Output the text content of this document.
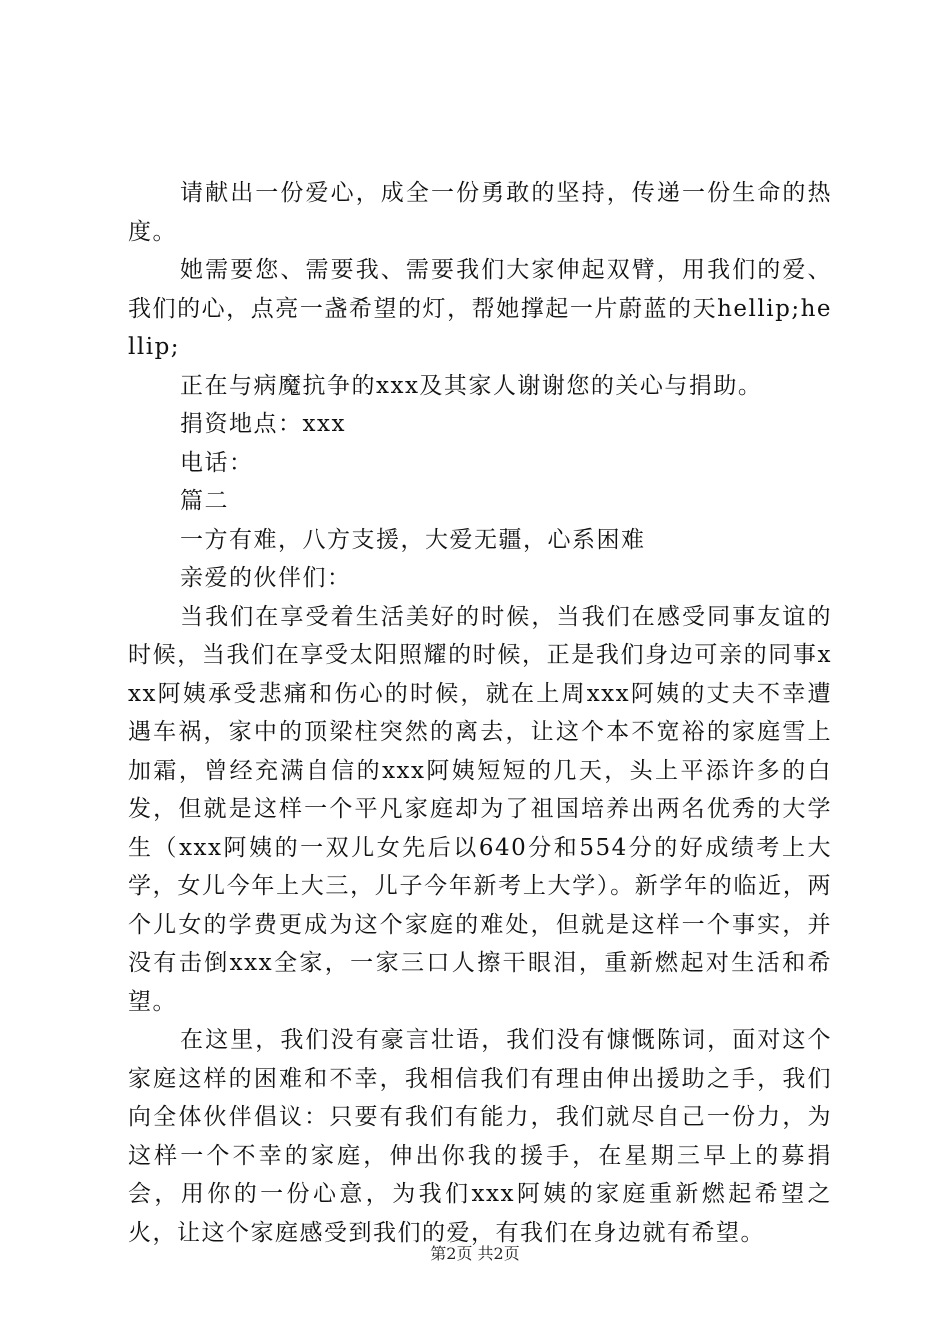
请献出一份爱心，成全一份勇敢的坚持，传递一份生命的热度。

她需要您、需要我、需要我们大家伸起双臂，用我们的爱、我们的心，点亮一盏希望的灯，帮她撑起一片蔚蓝的天hellip;hellip;

正在与病魔抗争的xxx及其家人谢谢您的关心与捐助。

捐资地点：xxx

电话：

篇二

一方有难，八方支援，大爱无疆，心系困难

亲爱的伙伴们：

当我们在享受着生活美好的时候，当我们在感受同事友谊的时候，当我们在享受太阳照耀的时候，正是我们身边可亲的同事xxx阿姨承受悲痛和伤心的时候，就在上周xxx阿姨的丈夫不幸遭遇车祸，家中的顶梁柱突然的离去，让这个本不宽裕的家庭雪上加霜，曾经充满自信的xxx阿姨短短的几天，头上平添许多的白发，但就是这样一个平凡家庭却为了祖国培养出两名优秀的大学生（xxx阿姨的一双儿女先后以640分和554分的好成绩考上大学，女儿今年上大三，儿子今年新考上大学）。新学年的临近，两个儿女的学费更成为这个家庭的难处，但就是这样一个事实，并没有击倒xxx全家，一家三口人擦干眼泪，重新燃起对生活和希望。

在这里，我们没有豪言壮语，我们没有慷慨陈词，面对这个家庭这样的困难和不幸，我相信我们有理由伸出援助之手，我们向全体伙伴倡议：只要有我们有能力，我们就尽自己一份力，为这样一个不幸的家庭，伸出你我的援手，在星期三早上的募捐会，用你的一份心意，为我们xxx阿姨的家庭重新燃起希望之火，让这个家庭感受到我们的爱，有我们在身边就有希望。

第2页 共2页
